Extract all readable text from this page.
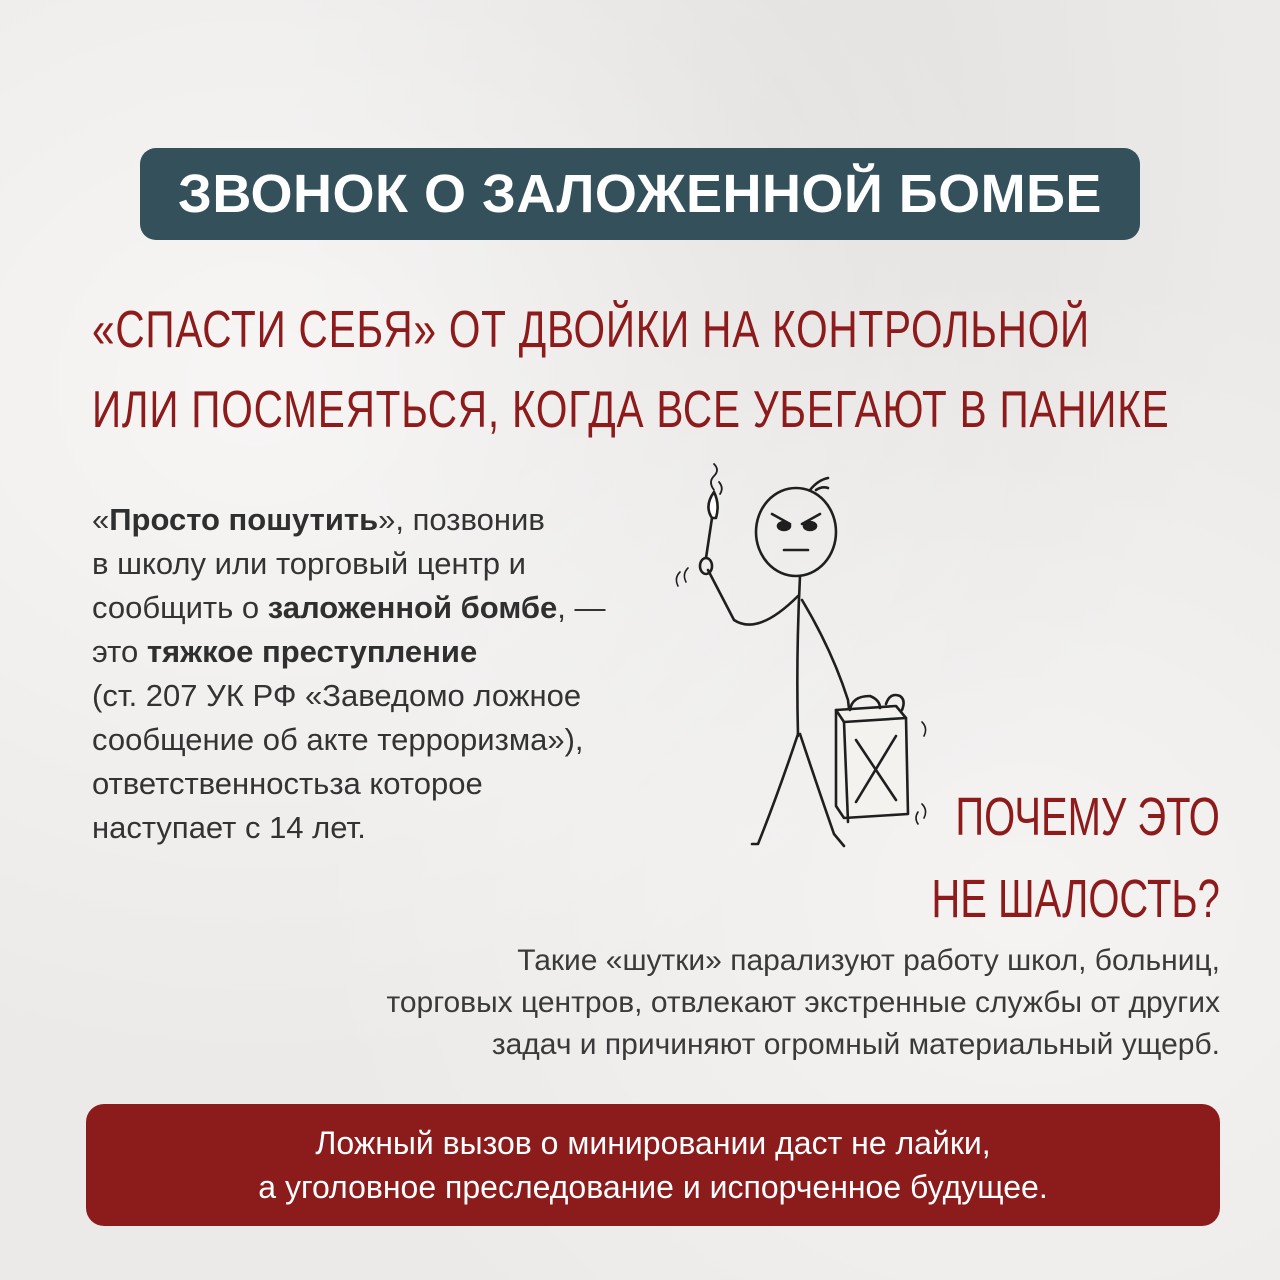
ЗВОНОК О ЗАЛОЖЕННОЙ БОМБЕ
«СПАСТИ СЕБЯ» ОТ ДВОЙКИ НА КОНТРОЛЬНОЙ
ИЛИ ПОСМЕЯТЬСЯ, КОГДА ВСЕ УБЕГАЮТ В ПАНИКЕ
«Просто пошутить», позвонив
в школу или торговый центр и
сообщить о заложенной бомбе, —
это тяжкое преступление
(ст. 207 УК РФ «Заведомо ложное
сообщение об акте терроризма»),
ответственностьза которое
наступает с 14 лет.	ПОЧЕМУ ЭТО
НЕ ШАЛОСТЬ?
Такие «шутки» парализуют работу школ, больниц,
торговых центров, отвлекают экстренные службы от других
задач и причиняют огромный материальный ущерб.
Ложный вызов о минировании даст не лайки,
а уголовное преследование и испорченное будущее.
